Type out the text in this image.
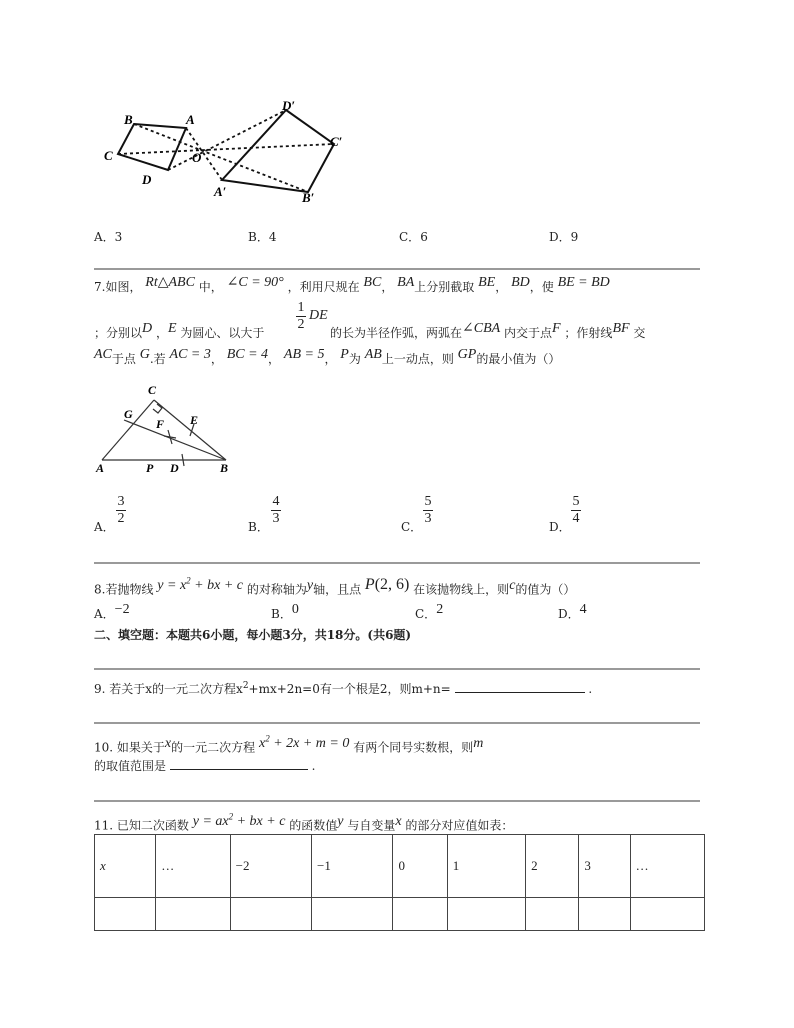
B	A
C
D
O
D′
C′
A′	B′
A．3	B．4	C．6	D．9
7.如图， Rt△ABC 中， ∠C = 90° ，利用尺规在 BC， BA上分别截取 BE， BD，使 BE = BD
1
2
DE
；分别以D ，E 为圆心、以大于	的长为半径作弧，两弧在∠CBA 内交于点F ；作射线BF 交
AC于点 G.若 AC = 3， BC = 4， AB = 5， P为 AB上一动点，则 GP的最小值为（）
C
G	E
F
A	P D	B
A．
3
2
B．
4
3
C．
5
3
D．
5
4
8.若抛物线 $y = x^2$ + bx + c 的对称轴为y轴，且点 P(2, 6) 在该抛物线上，则c的值为（）
A．−2	B．0	C．2	D．4
二、填空题：本题共6小题，每小题3分，共18分。(共6题)
9. 若关于x的一元二次方程$x^2+mx+2n=0$有一个根是2，则m+n=	.
10. 如果关于x的一元二次方程 $x^2 + 2x + m = 0$ 有两个同号实数根，则m
的取值范围是	.
11. 已知二次函数 $y = ax^2$ + bx + c 的函数值y 与自变量x 的部分对应值如表：
x	…	−2	−1	0	1	2	3	…
